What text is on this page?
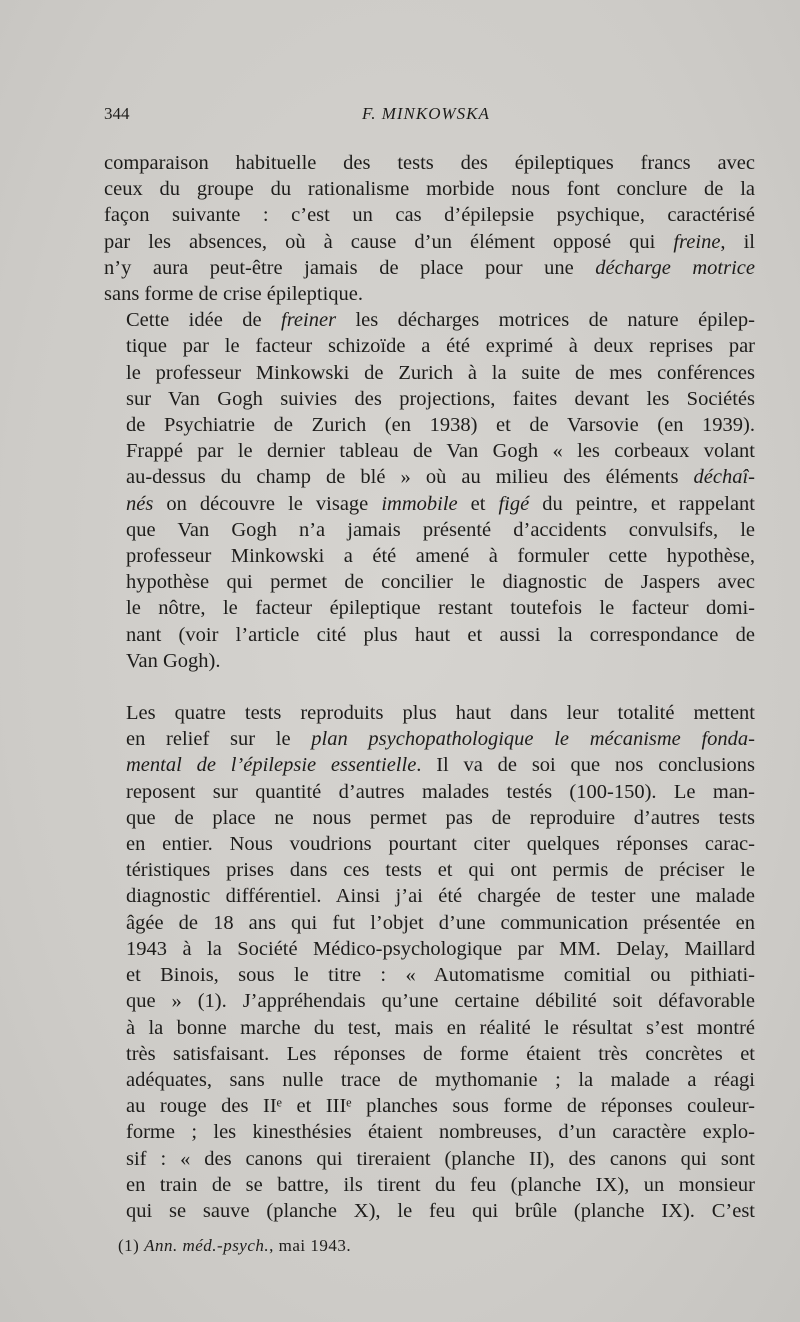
344	F. MINKOWSKA
comparaison habituelle des tests des épileptiques francs avec
ceux du groupe du rationalisme morbide nous font conclure de la
façon suivante : c’est un cas d’épilepsie psychique, caractérisé
par les absences, où à cause d’un élément opposé qui freine, il
n’y aura peut-être jamais de place pour une décharge motrice
sans forme de crise épileptique.
Cette idée de freiner les décharges motrices de nature épilep-
tique par le facteur schizoïde a été exprimé à deux reprises par
le professeur Minkowski de Zurich à la suite de mes conférences
sur Van Gogh suivies des projections, faites devant les Sociétés
de Psychiatrie de Zurich (en 1938) et de Varsovie (en 1939).
Frappé par le dernier tableau de Van Gogh « les corbeaux volant
au-dessus du champ de blé » où au milieu des éléments déchaî-
nés on découvre le visage immobile et figé du peintre, et rappelant
que Van Gogh n’a jamais présenté d’accidents convulsifs, le
professeur Minkowski a été amené à formuler cette hypothèse,
hypothèse qui permet de concilier le diagnostic de Jaspers avec
le nôtre, le facteur épileptique restant toutefois le facteur domi-
nant (voir l’article cité plus haut et aussi la correspondance de
Van Gogh).
Les quatre tests reproduits plus haut dans leur totalité mettent
en relief sur le plan psychopathologique le mécanisme fonda-
mental de l’épilepsie essentielle. Il va de soi que nos conclusions
reposent sur quantité d’autres malades testés (100-150). Le man-
que de place ne nous permet pas de reproduire d’autres tests
en entier. Nous voudrions pourtant citer quelques réponses carac-
téristiques prises dans ces tests et qui ont permis de préciser le
diagnostic différentiel. Ainsi j’ai été chargée de tester une malade
âgée de 18 ans qui fut l’objet d’une communication présentée en
1943 à la Société Médico-psychologique par MM. Delay, Maillard
et Binois, sous le titre : « Automatisme comitial ou pithiati-
que » (1). J’appréhendais qu’une certaine débilité soit défavorable
à la bonne marche du test, mais en réalité le résultat s’est montré
très satisfaisant. Les réponses de forme étaient très concrètes et
adéquates, sans nulle trace de mythomanie ; la malade a réagi
au rouge des IIᵉ et IIIᵉ planches sous forme de réponses couleur-
forme ; les kinesthésies étaient nombreuses, d’un caractère explo-
sif : « des canons qui tireraient (planche II), des canons qui sont
en train de se battre, ils tirent du feu (planche IX), un monsieur
qui se sauve (planche X), le feu qui brûle (planche IX). C’est
(1) Ann. méd.-psych., mai 1943.
